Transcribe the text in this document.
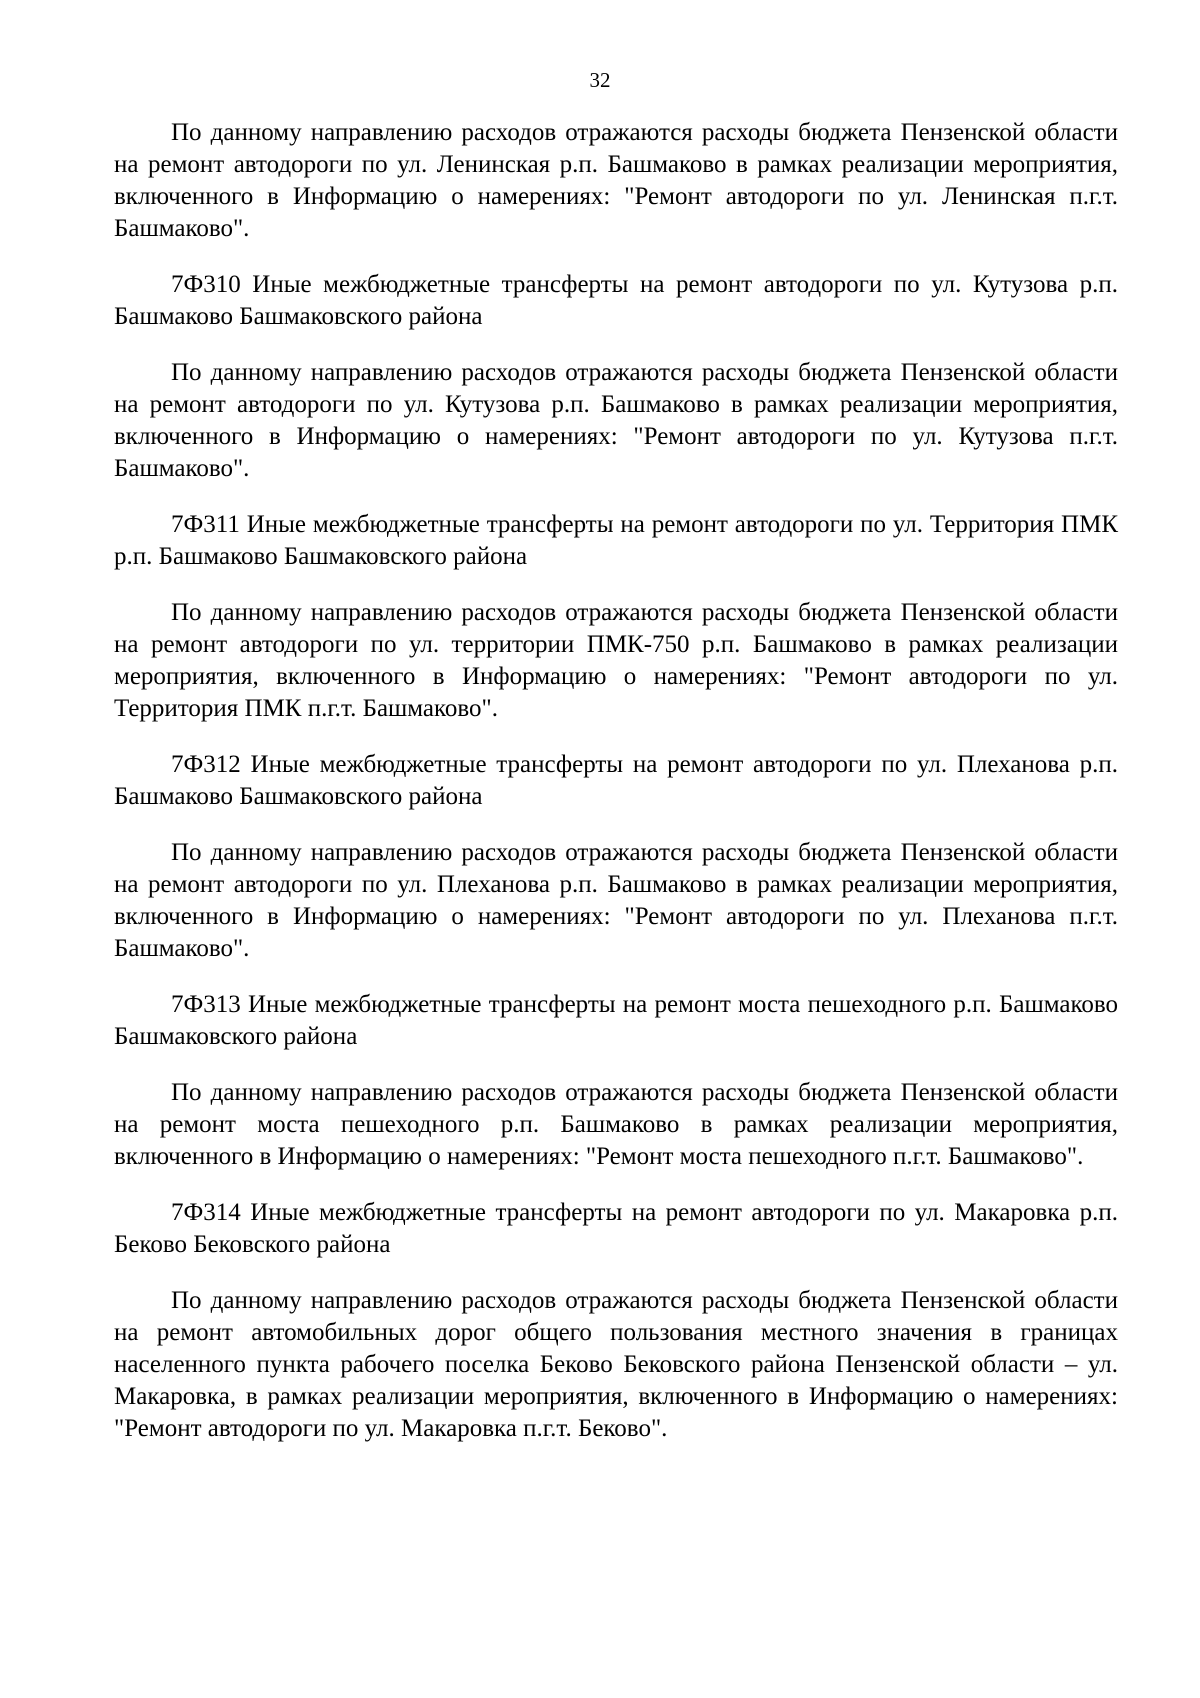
32

По данному направлению расходов отражаются расходы бюджета Пензенской области на ремонт автодороги по ул. Ленинская р.п. Башмаково в рамках реализации мероприятия, включенного в Информацию о намерениях: "Ремонт автодороги по ул. Ленинская п.г.т. Башмаково".

7Ф310 Иные межбюджетные трансферты на ремонт автодороги по ул. Кутузова р.п. Башмаково Башмаковского района

По данному направлению расходов отражаются расходы бюджета Пензенской области на ремонт автодороги по ул. Кутузова р.п. Башмаково в рамках реализации мероприятия, включенного в Информацию о намерениях: "Ремонт автодороги по ул. Кутузова п.г.т. Башмаково".

7Ф311 Иные межбюджетные трансферты на ремонт автодороги по ул. Территория ПМК р.п. Башмаково Башмаковского района

По данному направлению расходов отражаются расходы бюджета Пензенской области на ремонт автодороги по ул. территории ПМК-750 р.п. Башмаково в рамках реализации мероприятия, включенного в Информацию о намерениях: "Ремонт автодороги по ул. Территория ПМК п.г.т. Башмаково".

7Ф312 Иные межбюджетные трансферты на ремонт автодороги по ул. Плеханова р.п. Башмаково Башмаковского района

По данному направлению расходов отражаются расходы бюджета Пензенской области на ремонт автодороги по ул. Плеханова р.п. Башмаково в рамках реализации мероприятия, включенного в Информацию о намерениях: "Ремонт автодороги по ул. Плеханова п.г.т. Башмаково".

7Ф313 Иные межбюджетные трансферты на ремонт моста пешеходного р.п. Башмаково Башмаковского района

По данному направлению расходов отражаются расходы бюджета Пензенской области на ремонт моста пешеходного р.п. Башмаково в рамках реализации мероприятия, включенного в Информацию о намерениях: "Ремонт моста пешеходного п.г.т. Башмаково".

7Ф314 Иные межбюджетные трансферты на ремонт автодороги по ул. Макаровка р.п. Беково Бековского района

По данному направлению расходов отражаются расходы бюджета Пензенской области на ремонт автомобильных дорог общего пользования местного значения в границах населенного пункта рабочего поселка Беково Бековского района Пензенской области – ул. Макаровка, в рамках реализации мероприятия, включенного в Информацию о намерениях: "Ремонт автодороги по ул. Макаровка п.г.т. Беково".
